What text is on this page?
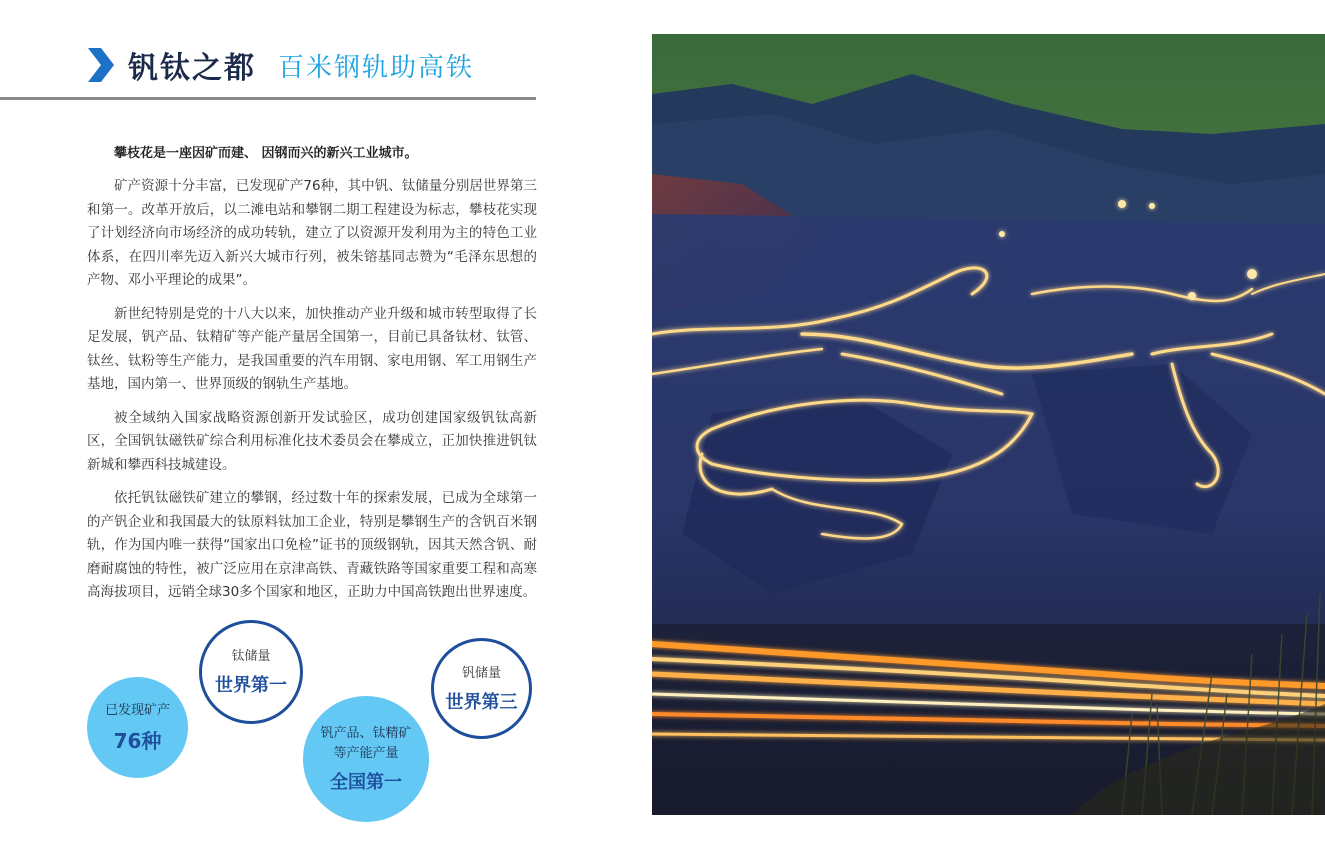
钒钛之都 百米钢轨助高铁
攀枝花是一座因矿而建、 因钢而兴的新兴工业城市。

矿产资源十分丰富，已发现矿产76种，其中钒、钛储量分别居世界第三和第一。改革开放后，以二滩电站和攀钢二期工程建设为标志，攀枝花实现了计划经济向市场经济的成功转轨，建立了以资源开发利用为主的特色工业体系，在四川率先迈入新兴大城市行列，被朱镕基同志赞为“毛泽东思想的产物、邓小平理论的成果”。

新世纪特别是党的十八大以来，加快推动产业升级和城市转型取得了长足发展，钒产品、钛精矿等产能产量居全国第一，目前已具备钛材、钛管、钛丝、钛粉等生产能力，是我国重要的汽车用钢、家电用钢、军工用钢生产基地，国内第一、世界顶级的钢轨生产基地。

被全域纳入国家战略资源创新开发试验区，成功创建国家级钒钛高新区，全国钒钛磁铁矿综合利用标准化技术委员会在攀成立，正加快推进钒钛新城和攀西科技城建设。

依托钒钛磁铁矿建立的攀钢，经过数十年的探索发展，已成为全球第一的产钒企业和我国最大的钛原料钛加工企业，特别是攀钢生产的含钒百米钢轨，作为国内唯一获得“国家出口免检”证书的顶级钢轨，因其天然含钒、耐磨耐腐蚀的特性，被广泛应用在京津高铁、青藏铁路等国家重要工程和高寒高海拔项目，远销全球30多个国家和地区，正助力中国高铁跑出世界速度。

已发现矿产
76种
钛储量
世界第一
钒产品、钛精矿
等产能产量
全国第一
钒储量
世界第三
